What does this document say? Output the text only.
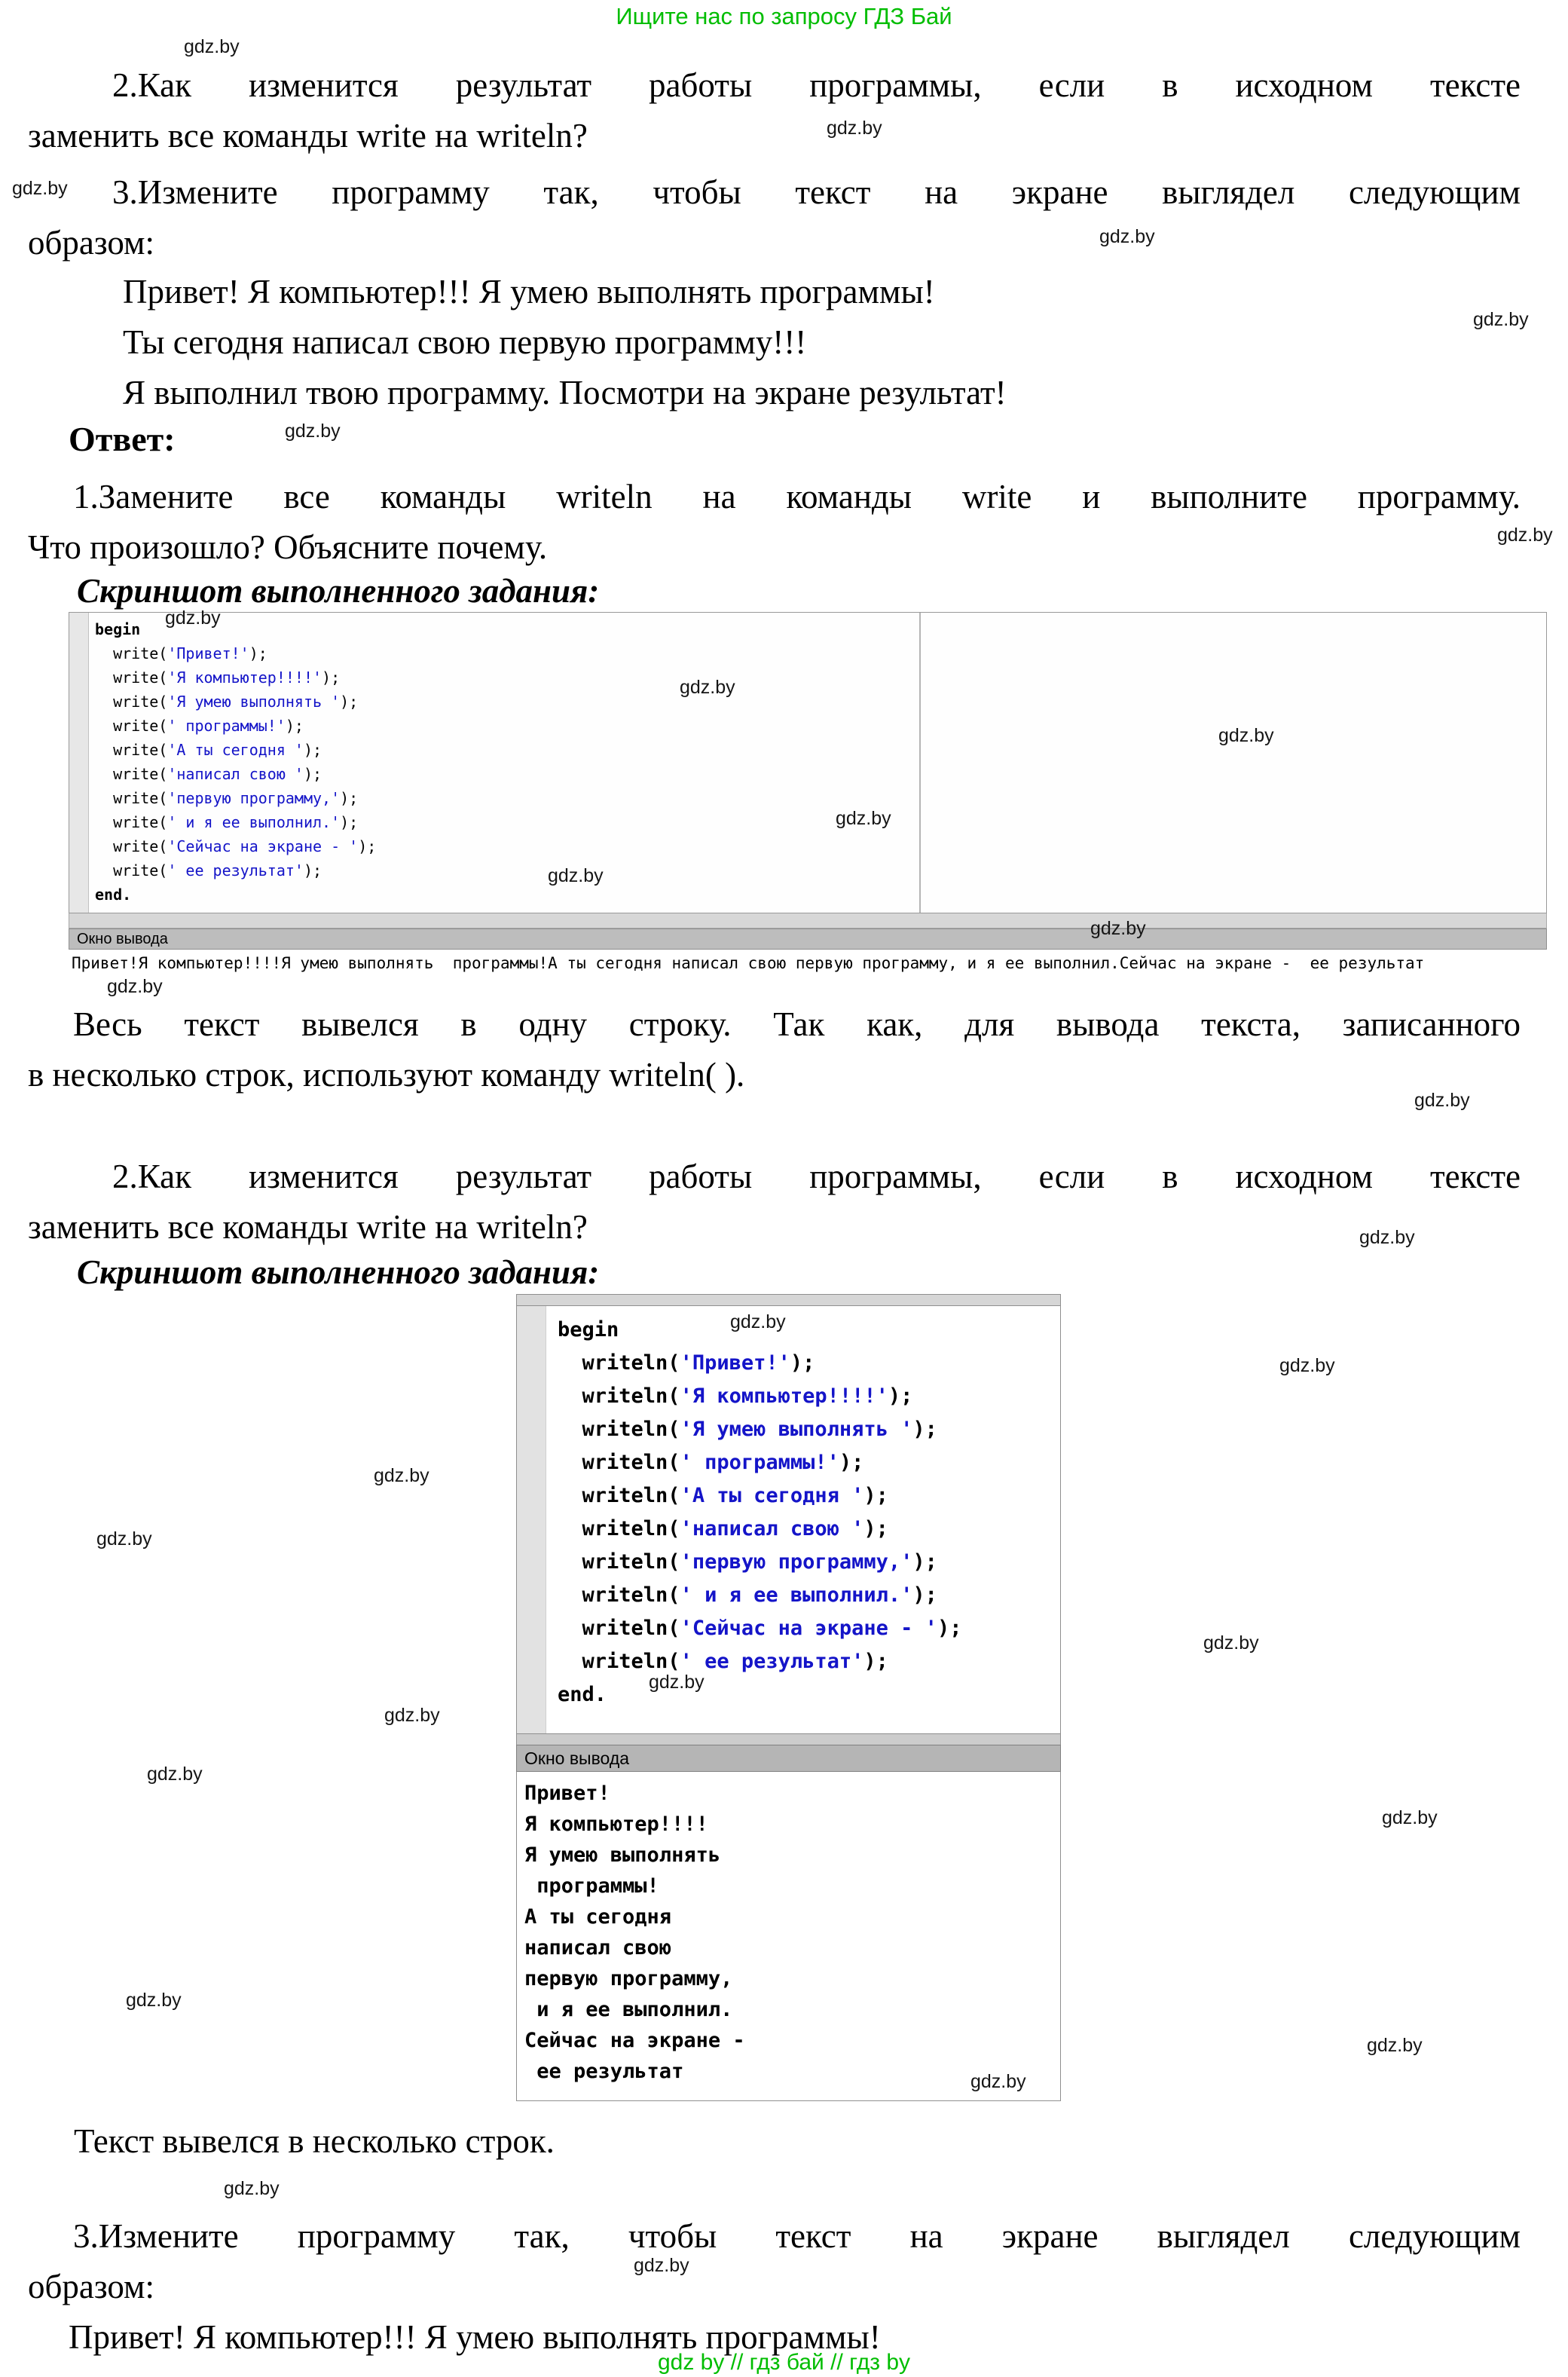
Ищите нас по запросу ГДЗ Бай
2.Как изменится результат работы программы, если в исходном тексте
заменить все команды write на writeln?
3.Измените программу так, чтобы текст на экране выглядел следующим
образом:
Привет! Я компьютер!!! Я умею выполнять программы!
Ты сегодня написал свою первую программу!!!
Я выполнил твою программу. Посмотри на экране результат!
Ответ:
1.Замените все команды writeln на команды write и выполните программу.
Что произошло? Объясните почему.
Скриншот выполненного задания:
begin
write('Привет!');
write('Я компьютер!!!!');
write('Я умею выполнять ');
write(' программы!');
write('А ты сегодня ');
write('написал свою ');
write('первую программу,');
write(' и я ее выполнил.');
write('Сейчас на экране - ');
write(' ее результат');
end.
Окно вывода
Привет!Я компьютер!!!!Я умею выполнять  программы!А ты сегодня написал свою первую программу, и я ее выполнил.Сейчас на экране -  ее результат
Весь текст вывелся в одну строку. Так как, для вывода текста, записанного
в несколько строк, используют команду writeln( ).
2.Как изменится результат работы программы, если в исходном тексте
заменить все команды write на writeln?
Скриншот выполненного задания:
begin
writeln('Привет!');
writeln('Я компьютер!!!!');
writeln('Я умею выполнять ');
writeln(' программы!');
writeln('А ты сегодня ');
writeln('написал свою ');
writeln('первую программу,');
writeln(' и я ее выполнил.');
writeln('Сейчас на экране - ');
writeln(' ее результат');
end.
Окно вывода
Привет!
Я компьютер!!!!
Я умею выполнять
программы!
А ты сегодня
написал свою
первую программу,
и я ее выполнил.
Сейчас на экране -
ее результат
Текст вывелся в несколько строк.
3.Измените программу так, чтобы текст на экране выглядел следующим
образом:
Привет! Я компьютер!!! Я умею выполнять программы!
gdz by // гдз бай // гдз by
gdz.by
gdz.by
gdz.by
gdz.by
gdz.by
gdz.by
gdz.by
gdz.by
gdz.by
gdz.by
gdz.by
gdz.by
gdz.by
gdz.by
gdz.by
gdz.by
gdz.by
gdz.by
gdz.by
gdz.by
gdz.by
gdz.by
gdz.by
gdz.by
gdz.by
gdz.by
gdz.by
gdz.by
gdz.by
gdz.by
